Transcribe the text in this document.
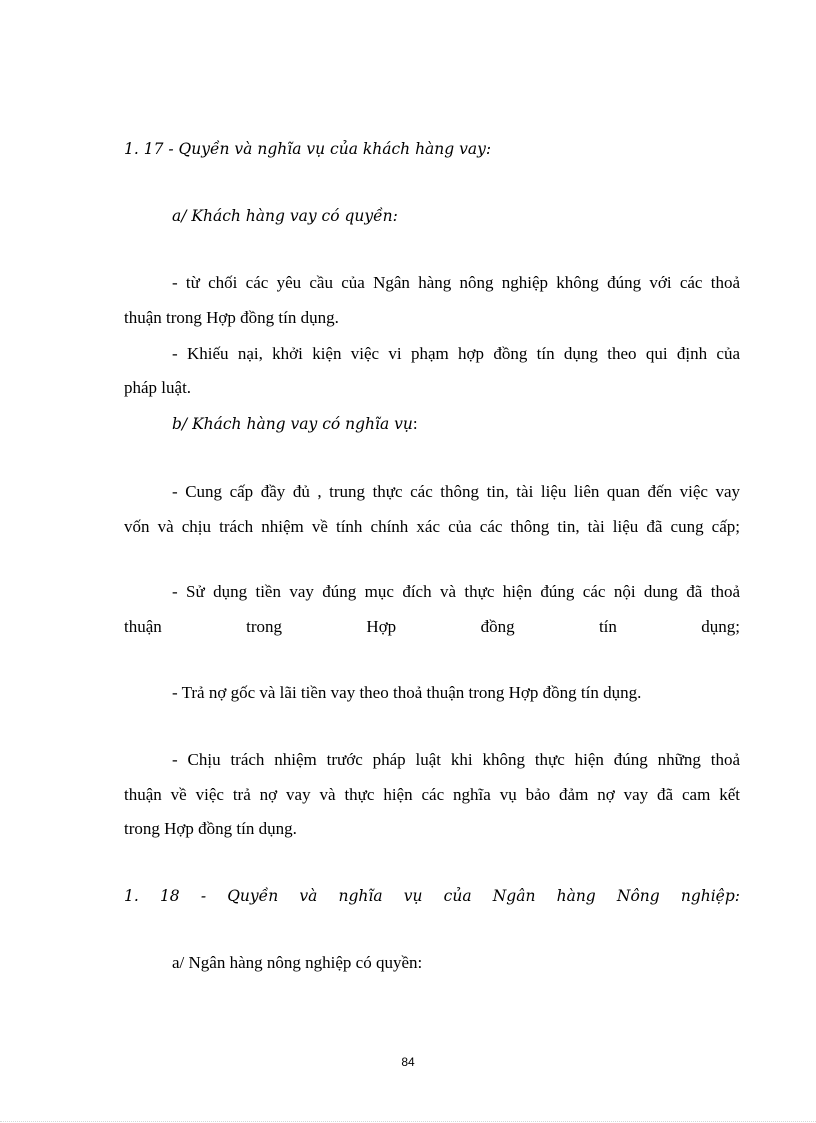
1. 17 - Quyền và nghĩa vụ của khách hàng vay:
a/ Khách hàng vay có quyền:
- từ chối các yêu cầu của Ngân hàng nông nghiệp không đúng với các thoả
thuận trong Hợp đồng tín dụng.
- Khiếu nại, khởi kiện việc vi phạm hợp đồng tín dụng theo qui định của
pháp luật.
b/ Khách hàng vay có nghĩa vụ:
- Cung cấp đầy đủ , trung thực các thông tin, tài liệu liên quan đến việc vay
vốn và chịu trách nhiệm về tính chính xác của các thông tin, tài liệu đã cung cấp;
- Sử dụng tiền vay đúng mục đích và thực hiện đúng các nội dung đã thoả
thuận trong Hợp đồng tín dụng;
- Trả nợ gốc và lãi tiền vay theo thoả thuận trong Hợp đồng tín dụng.
- Chịu trách nhiệm trước pháp luật khi không thực hiện đúng những thoả
thuận về việc trả nợ vay và thực hiện các nghĩa vụ bảo đảm nợ vay đã cam kết
trong Hợp đồng tín dụng.
1. 18 - Quyền và nghĩa vụ của Ngân hàng Nông nghiệp:
a/ Ngân hàng nông nghiệp có quyền:
84
